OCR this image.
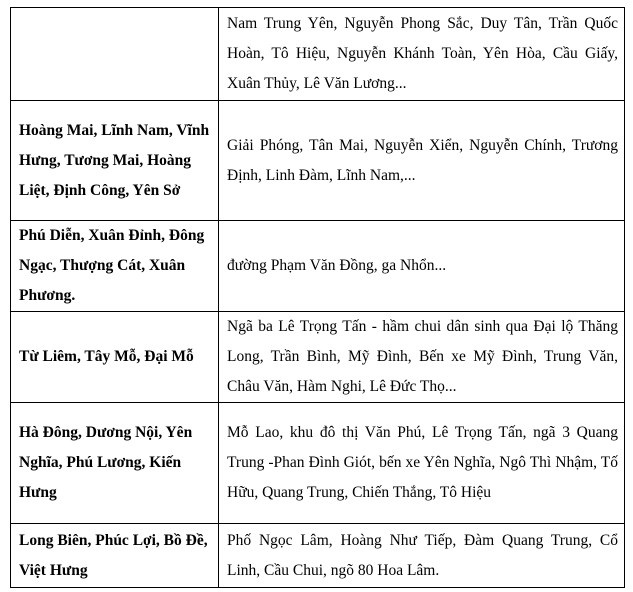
	Nam Trung Yên, Nguyễn Phong Sắc, Duy Tân, Trần Quốc Hoàn, Tô Hiệu, Nguyễn Khánh Toàn, Yên Hòa, Cầu Giấy, Xuân Thủy, Lê Văn Lương...
Hoàng Mai, Lĩnh Nam, Vĩnh Hưng, Tương Mai, Hoàng Liệt, Định Công, Yên Sở	Giải Phóng, Tân Mai, Nguyễn Xiển, Nguyễn Chính, Trương Định, Linh Đàm, Lĩnh Nam,...
Phú Diễn, Xuân Đỉnh, Đông Ngạc, Thượng Cát, Xuân Phương.	đường Phạm Văn Đồng, ga Nhổn...
Từ Liêm, Tây Mỗ, Đại Mỗ	Ngã ba Lê Trọng Tấn - hầm chui dân sinh qua Đại lộ Thăng Long, Trần Bình, Mỹ Đình, Bến xe Mỹ Đình, Trung Văn, Châu Văn, Hàm Nghi, Lê Đức Thọ...
Hà Đông, Dương Nội, Yên Nghĩa, Phú Lương, Kiến Hưng	Mỗ Lao, khu đô thị Văn Phú, Lê Trọng Tấn, ngã 3 Quang Trung -Phan Đình Giót, bến xe Yên Nghĩa, Ngô Thì Nhậm, Tố Hữu, Quang Trung, Chiến Thắng, Tô Hiệu
Long Biên, Phúc Lợi, Bồ Đề, Việt Hưng	Phố Ngọc Lâm, Hoàng Như Tiếp, Đàm Quang Trung, Cổ Linh, Cầu Chui, ngõ 80 Hoa Lâm.
